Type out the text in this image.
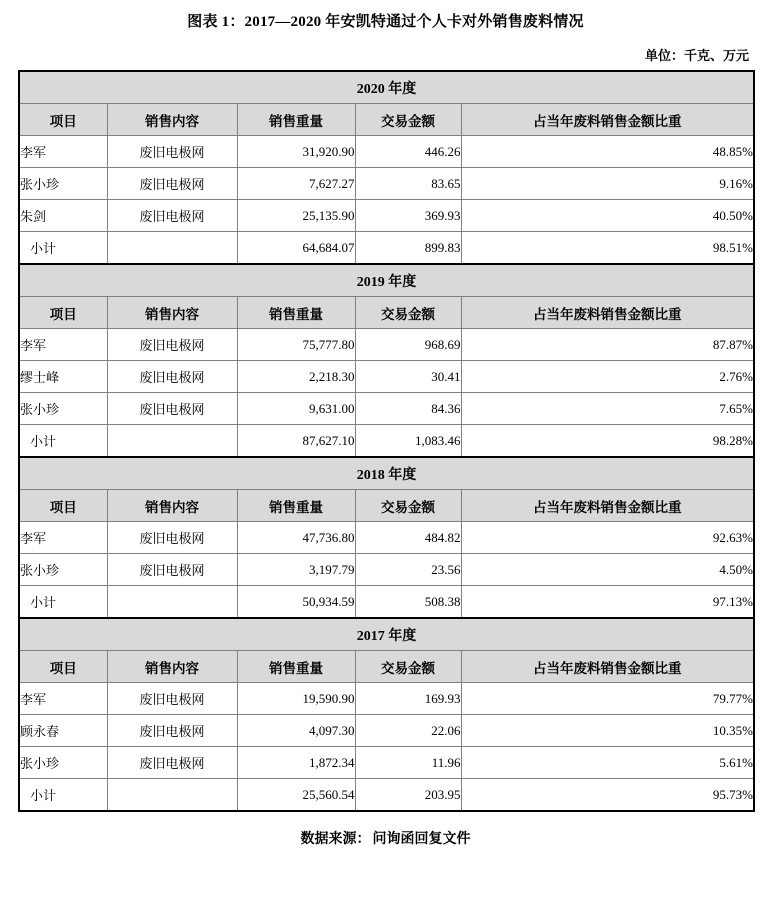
图表 1：2017—2020 年安凯特通过个人卡对外销售废料情况
单位：千克、万元
2020 年度				
项目	销售内容	销售重量	交易金额	占当年废料销售金额比重
李军	废旧电极网	31,920.90	446.26	48.85%
张小珍	废旧电极网	7,627.27	83.65	9.16%
朱剑	废旧电极网	25,135.90	369.93	40.50%
小计		64,684.07	899.83	98.51%
2019 年度				
项目	销售内容	销售重量	交易金额	占当年废料销售金额比重
李军	废旧电极网	75,777.80	968.69	87.87%
缪士峰	废旧电极网	2,218.30	30.41	2.76%
张小珍	废旧电极网	9,631.00	84.36	7.65%
小计		87,627.10	1,083.46	98.28%
2018 年度				
项目	销售内容	销售重量	交易金额	占当年废料销售金额比重
李军	废旧电极网	47,736.80	484.82	92.63%
张小珍	废旧电极网	3,197.79	23.56	4.50%
小计		50,934.59	508.38	97.13%
2017 年度				
项目	销售内容	销售重量	交易金额	占当年废料销售金额比重
李军	废旧电极网	19,590.90	169.93	79.77%
顾永春	废旧电极网	4,097.30	22.06	10.35%
张小珍	废旧电极网	1,872.34	11.96	5.61%
小计		25,560.54	203.95	95.73%
数据来源： 问询函回复文件
